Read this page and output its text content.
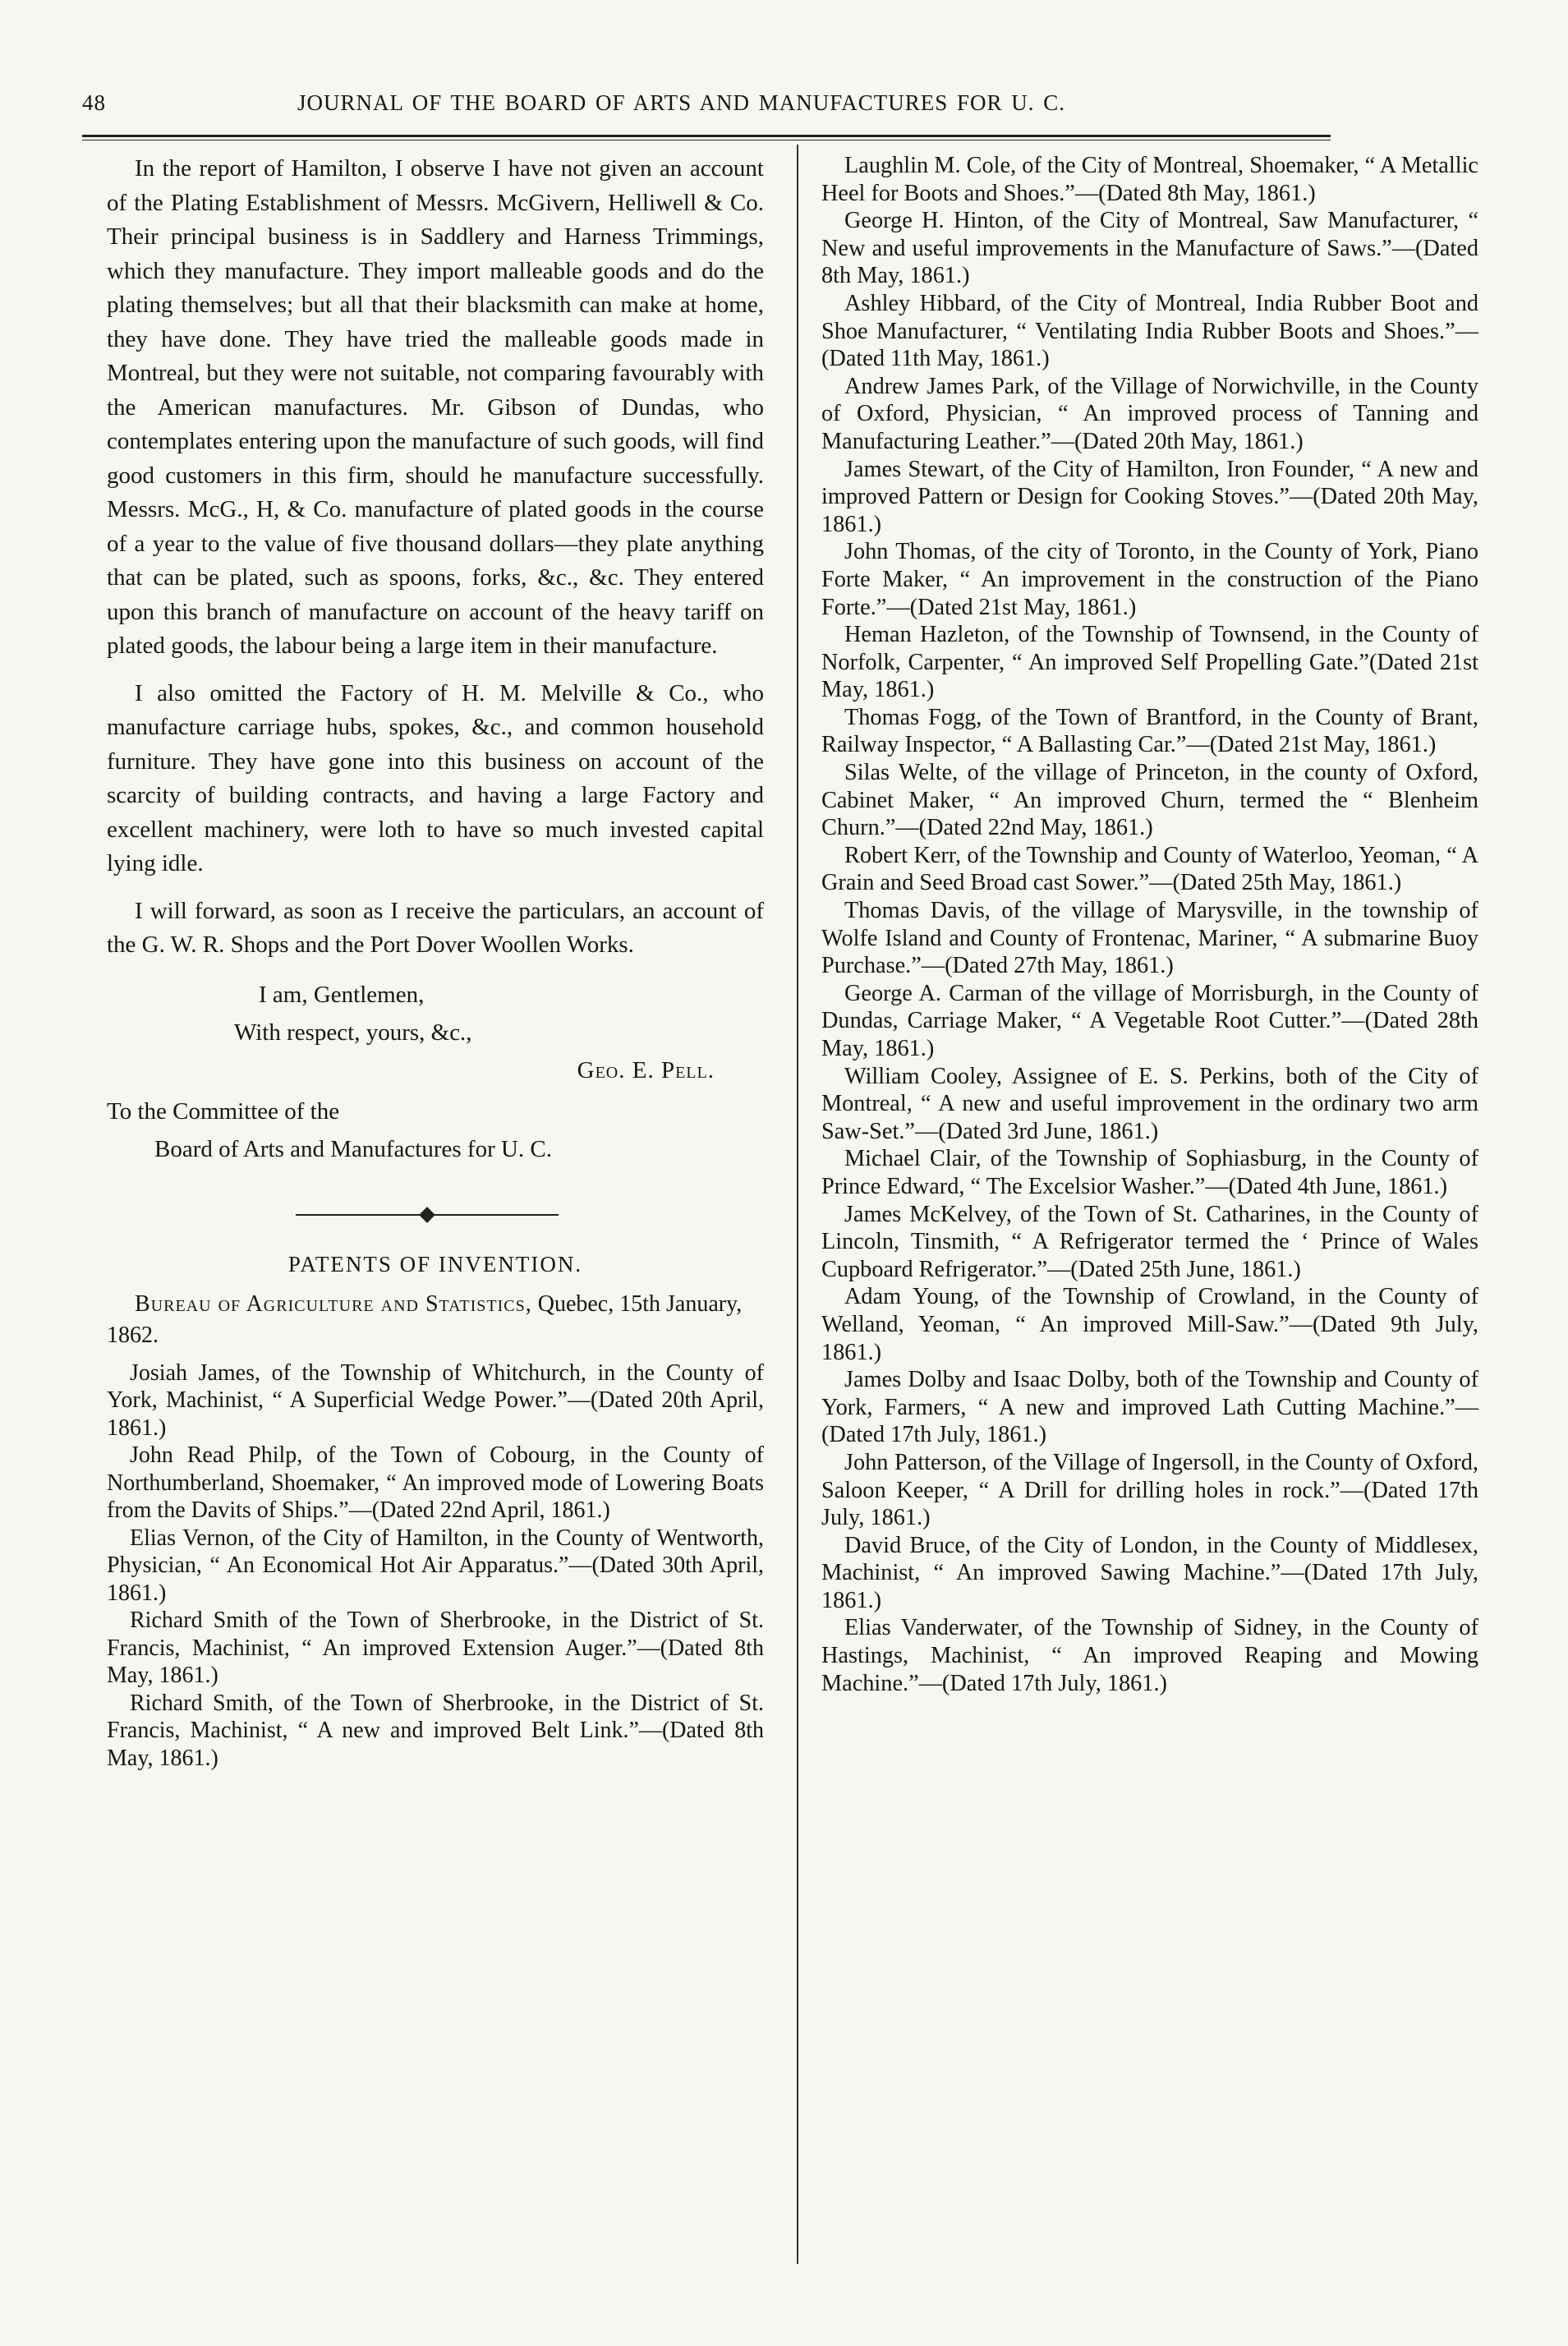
48	JOURNAL OF THE BOARD OF ARTS AND MANUFACTURES FOR U. C.

In the report of Hamilton, I observe I have not given an account of the Plating Establishment of Messrs. McGivern, Helliwell & Co. Their principal business is in Saddlery and Harness Trimmings, which they manufacture. They import malleable goods and do the plating themselves; but all that their blacksmith can make at home, they have done. They have tried the malleable goods made in Montreal, but they were not suitable, not comparing favourably with the American manufactures. Mr. Gibson of Dundas, who contemplates entering upon the manufacture of such goods, will find good customers in this firm, should he manufacture successfully. Messrs. McG., H, & Co. manufacture of plated goods in the course of a year to the value of five thousand dollars—they plate anything that can be plated, such as spoons, forks, &c., &c. They entered upon this branch of manufacture on account of the heavy tariff on plated goods, the labour being a large item in their manufacture.

I also omitted the Factory of H. M. Melville & Co., who manufacture carriage hubs, spokes, &c., and common household furniture. They have gone into this business on account of the scarcity of building contracts, and having a large Factory and excellent machinery, were loth to have so much invested capital lying idle.

I will forward, as soon as I receive the particulars, an account of the G. W. R. Shops and the Port Dover Woollen Works.

I am, Gentlemen,
With respect, yours, &c.,
Geo. E. Pell.
To the Committee of the
Board of Arts and Manufactures for U. C.
PATENTS OF INVENTION.

Bureau of Agriculture and Statistics, Quebec, 15th January, 1862.

Josiah James, of the Township of Whitchurch, in the County of York, Machinist, “ A Superficial Wedge Power.”—(Dated 20th April, 1861.)

John Read Philp, of the Town of Cobourg, in the County of Northumberland, Shoemaker, “ An improved mode of Lowering Boats from the Davits of Ships.”—(Dated 22nd April, 1861.)

Elias Vernon, of the City of Hamilton, in the County of Wentworth, Physician, “ An Economical Hot Air Apparatus.”—(Dated 30th April, 1861.)

Richard Smith of the Town of Sherbrooke, in the District of St. Francis, Machinist, “ An improved Extension Auger.”—(Dated 8th May, 1861.)

Richard Smith, of the Town of Sherbrooke, in the District of St. Francis, Machinist, “ A new and improved Belt Link.”—(Dated 8th May, 1861.)

Laughlin M. Cole, of the City of Montreal, Shoemaker, “ A Metallic Heel for Boots and Shoes.”—(Dated 8th May, 1861.)

George H. Hinton, of the City of Montreal, Saw Manufacturer, “ New and useful improvements in the Manufacture of Saws.”—(Dated 8th May, 1861.)

Ashley Hibbard, of the City of Montreal, India Rubber Boot and Shoe Manufacturer, “ Ventilating India Rubber Boots and Shoes.”—(Dated 11th May, 1861.)

Andrew James Park, of the Village of Norwichville, in the County of Oxford, Physician, “ An improved process of Tanning and Manufacturing Leather.”—(Dated 20th May, 1861.)

James Stewart, of the City of Hamilton, Iron Founder, “ A new and improved Pattern or Design for Cooking Stoves.”—(Dated 20th May, 1861.)

John Thomas, of the city of Toronto, in the County of York, Piano Forte Maker, “ An improvement in the construction of the Piano Forte.”—(Dated 21st May, 1861.)

Heman Hazleton, of the Township of Townsend, in the County of Norfolk, Carpenter, “ An improved Self Propelling Gate.”(Dated 21st May, 1861.)

Thomas Fogg, of the Town of Brantford, in the County of Brant, Railway Inspector, “ A Ballasting Car.”—(Dated 21st May, 1861.)

Silas Welte, of the village of Princeton, in the county of Oxford, Cabinet Maker, “ An improved Churn, termed the “ Blenheim Churn.”—(Dated 22nd May, 1861.)

Robert Kerr, of the Township and County of Waterloo, Yeoman, “ A Grain and Seed Broad cast Sower.”—(Dated 25th May, 1861.)

Thomas Davis, of the village of Marysville, in the township of Wolfe Island and County of Frontenac, Mariner, “ A submarine Buoy Purchase.”—(Dated 27th May, 1861.)

George A. Carman of the village of Morrisburgh, in the County of Dundas, Carriage Maker, “ A Vegetable Root Cutter.”—(Dated 28th May, 1861.)

William Cooley, Assignee of E. S. Perkins, both of the City of Montreal, “ A new and useful improvement in the ordinary two arm Saw-Set.”—(Dated 3rd June, 1861.)

Michael Clair, of the Township of Sophiasburg, in the County of Prince Edward, “ The Excelsior Washer.”—(Dated 4th June, 1861.)

James McKelvey, of the Town of St. Catharines, in the County of Lincoln, Tinsmith, “ A Refrigerator termed the ‘ Prince of Wales Cupboard Refrigerator.”—(Dated 25th June, 1861.)

Adam Young, of the Township of Crowland, in the County of Welland, Yeoman, “ An improved Mill-Saw.”—(Dated 9th July, 1861.)

James Dolby and Isaac Dolby, both of the Township and County of York, Farmers, “ A new and improved Lath Cutting Machine.”—(Dated 17th July, 1861.)

John Patterson, of the Village of Ingersoll, in the County of Oxford, Saloon Keeper, “ A Drill for drilling holes in rock.”—(Dated 17th July, 1861.)

David Bruce, of the City of London, in the County of Middlesex, Machinist, “ An improved Sawing Machine.”—(Dated 17th July, 1861.)

Elias Vanderwater, of the Township of Sidney, in the County of Hastings, Machinist, “ An improved Reaping and Mowing Machine.”—(Dated 17th July, 1861.)
